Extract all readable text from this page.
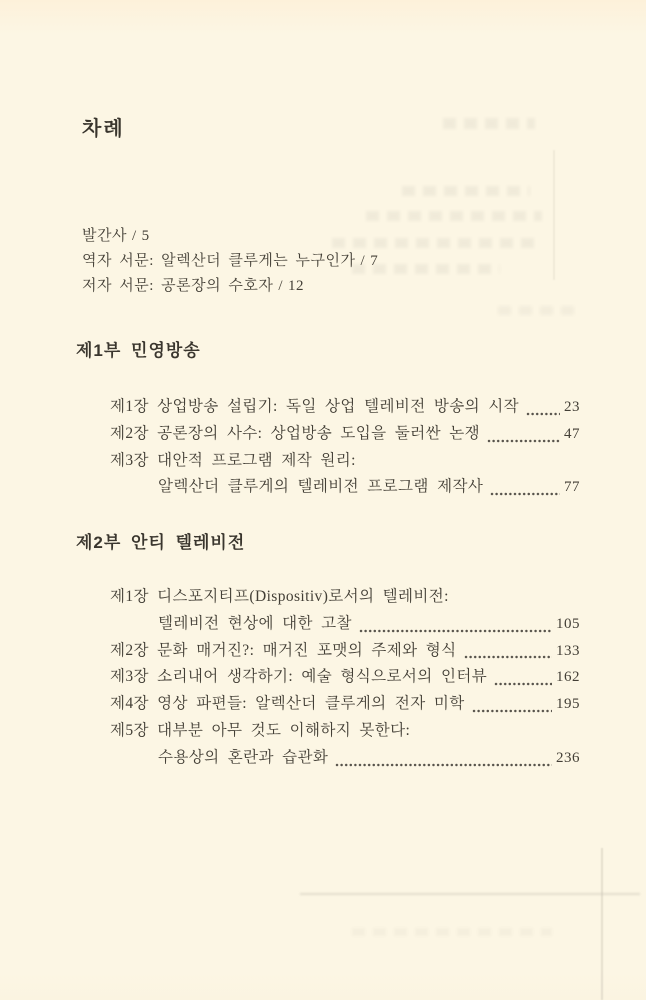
차례
발간사 / 5
역자 서문: 알렉산더 클루게는 누구인가 / 7
저자 서문: 공론장의 수호자 / 12
제1부 민영방송
제1장 상업방송 설립기: 독일 상업 텔레비전 방송의 시작	23
제2장 공론장의 사수: 상업방송 도입을 둘러싼 논쟁	47
제3장 대안적 프로그램 제작 원리:
알렉산더 클루게의 텔레비전 프로그램 제작사	77
제2부 안티 텔레비전
제1장 디스포지티프(Dispositiv)로서의 텔레비전:
텔레비전 현상에 대한 고찰	105
제2장 문화 매거진?: 매거진 포맷의 주제와 형식	133
제3장 소리내어 생각하기: 예술 형식으로서의 인터뷰	162
제4장 영상 파편들: 알렉산더 클루게의 전자 미학	195
제5장 대부분 아무 것도 이해하지 못한다:
수용상의 혼란과 습관화	236
